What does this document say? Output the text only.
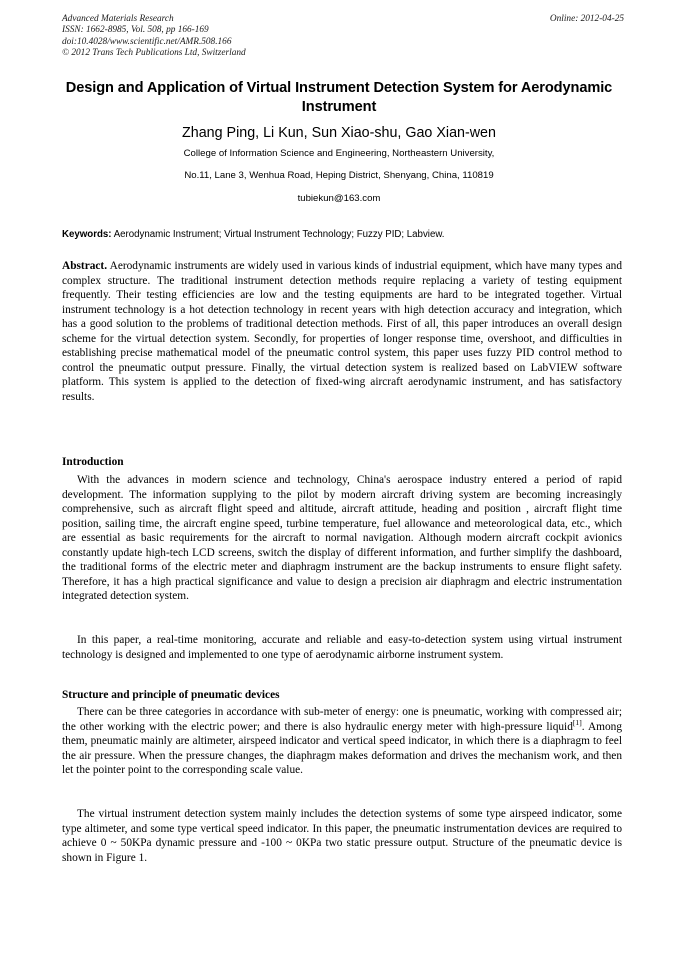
Advanced Materials Research
ISSN: 1662-8985, Vol. 508, pp 166-169
doi:10.4028/www.scientific.net/AMR.508.166
© 2012 Trans Tech Publications Ltd, Switzerland
Online: 2012-04-25
Design and Application of Virtual Instrument Detection System for Aerodynamic Instrument
Zhang Ping, Li Kun, Sun Xiao-shu, Gao Xian-wen
College of Information Science and Engineering, Northeastern University,
No.11, Lane 3, Wenhua Road, Heping District, Shenyang, China, 110819
tubiekun@163.com
Keywords: Aerodynamic Instrument; Virtual Instrument Technology; Fuzzy PID; Labview.
Abstract. Aerodynamic instruments are widely used in various kinds of industrial equipment, which have many types and complex structure. The traditional instrument detection methods require replacing a variety of testing equipment frequently. Their testing efficiencies are low and the testing equipments are hard to be integrated together. Virtual instrument technology is a hot detection technology in recent years with high detection accuracy and integration, which has a good solution to the problems of traditional detection methods. First of all, this paper introduces an overall design scheme for the virtual detection system. Secondly, for properties of longer response time, overshoot, and difficulties in establishing precise mathematical model of the pneumatic control system, this paper uses fuzzy PID control method to control the pneumatic output pressure. Finally, the virtual detection system is realized based on LabVIEW software platform. This system is applied to the detection of fixed-wing aircraft aerodynamic instrument, and has satisfactory results.
Introduction
With the advances in modern science and technology, China's aerospace industry entered a period of rapid development. The information supplying to the pilot by modern aircraft driving system are becoming increasingly comprehensive, such as aircraft flight speed and altitude, aircraft attitude, heading and position , aircraft flight time position, sailing time, the aircraft engine speed, turbine temperature, fuel allowance and meteorological data, etc., which are essential as basic requirements for the aircraft to normal navigation. Although modern aircraft cockpit avionics constantly update high-tech LCD screens, switch the display of different information, and further simplify the dashboard, the traditional forms of the electric meter and diaphragm instrument are the backup instruments to ensure flight safety. Therefore, it has a high practical significance and value to design a precision air diaphragm and electric instrumentation integrated detection system.
In this paper, a real-time monitoring, accurate and reliable and easy-to-detection system using virtual instrument technology is designed and implemented to one type of aerodynamic airborne instrument system.
Structure and principle of pneumatic devices
There can be three categories in accordance with sub-meter of energy: one is pneumatic, working with compressed air; the other working with the electric power; and there is also hydraulic energy meter with high-pressure liquid[1]. Among them, pneumatic mainly are altimeter, airspeed indicator and vertical speed indicator, in which there is a diaphragm to feel the air pressure. When the pressure changes, the diaphragm makes deformation and drives the mechanism work, and then let the pointer point to the corresponding scale value.
The virtual instrument detection system mainly includes the detection systems of some type airspeed indicator, some type altimeter, and some type vertical speed indicator. In this paper, the pneumatic instrumentation devices are required to achieve 0 ~ 50KPa dynamic pressure and -100 ~ 0KPa two static pressure output. Structure of the pneumatic device is shown in Figure 1.
